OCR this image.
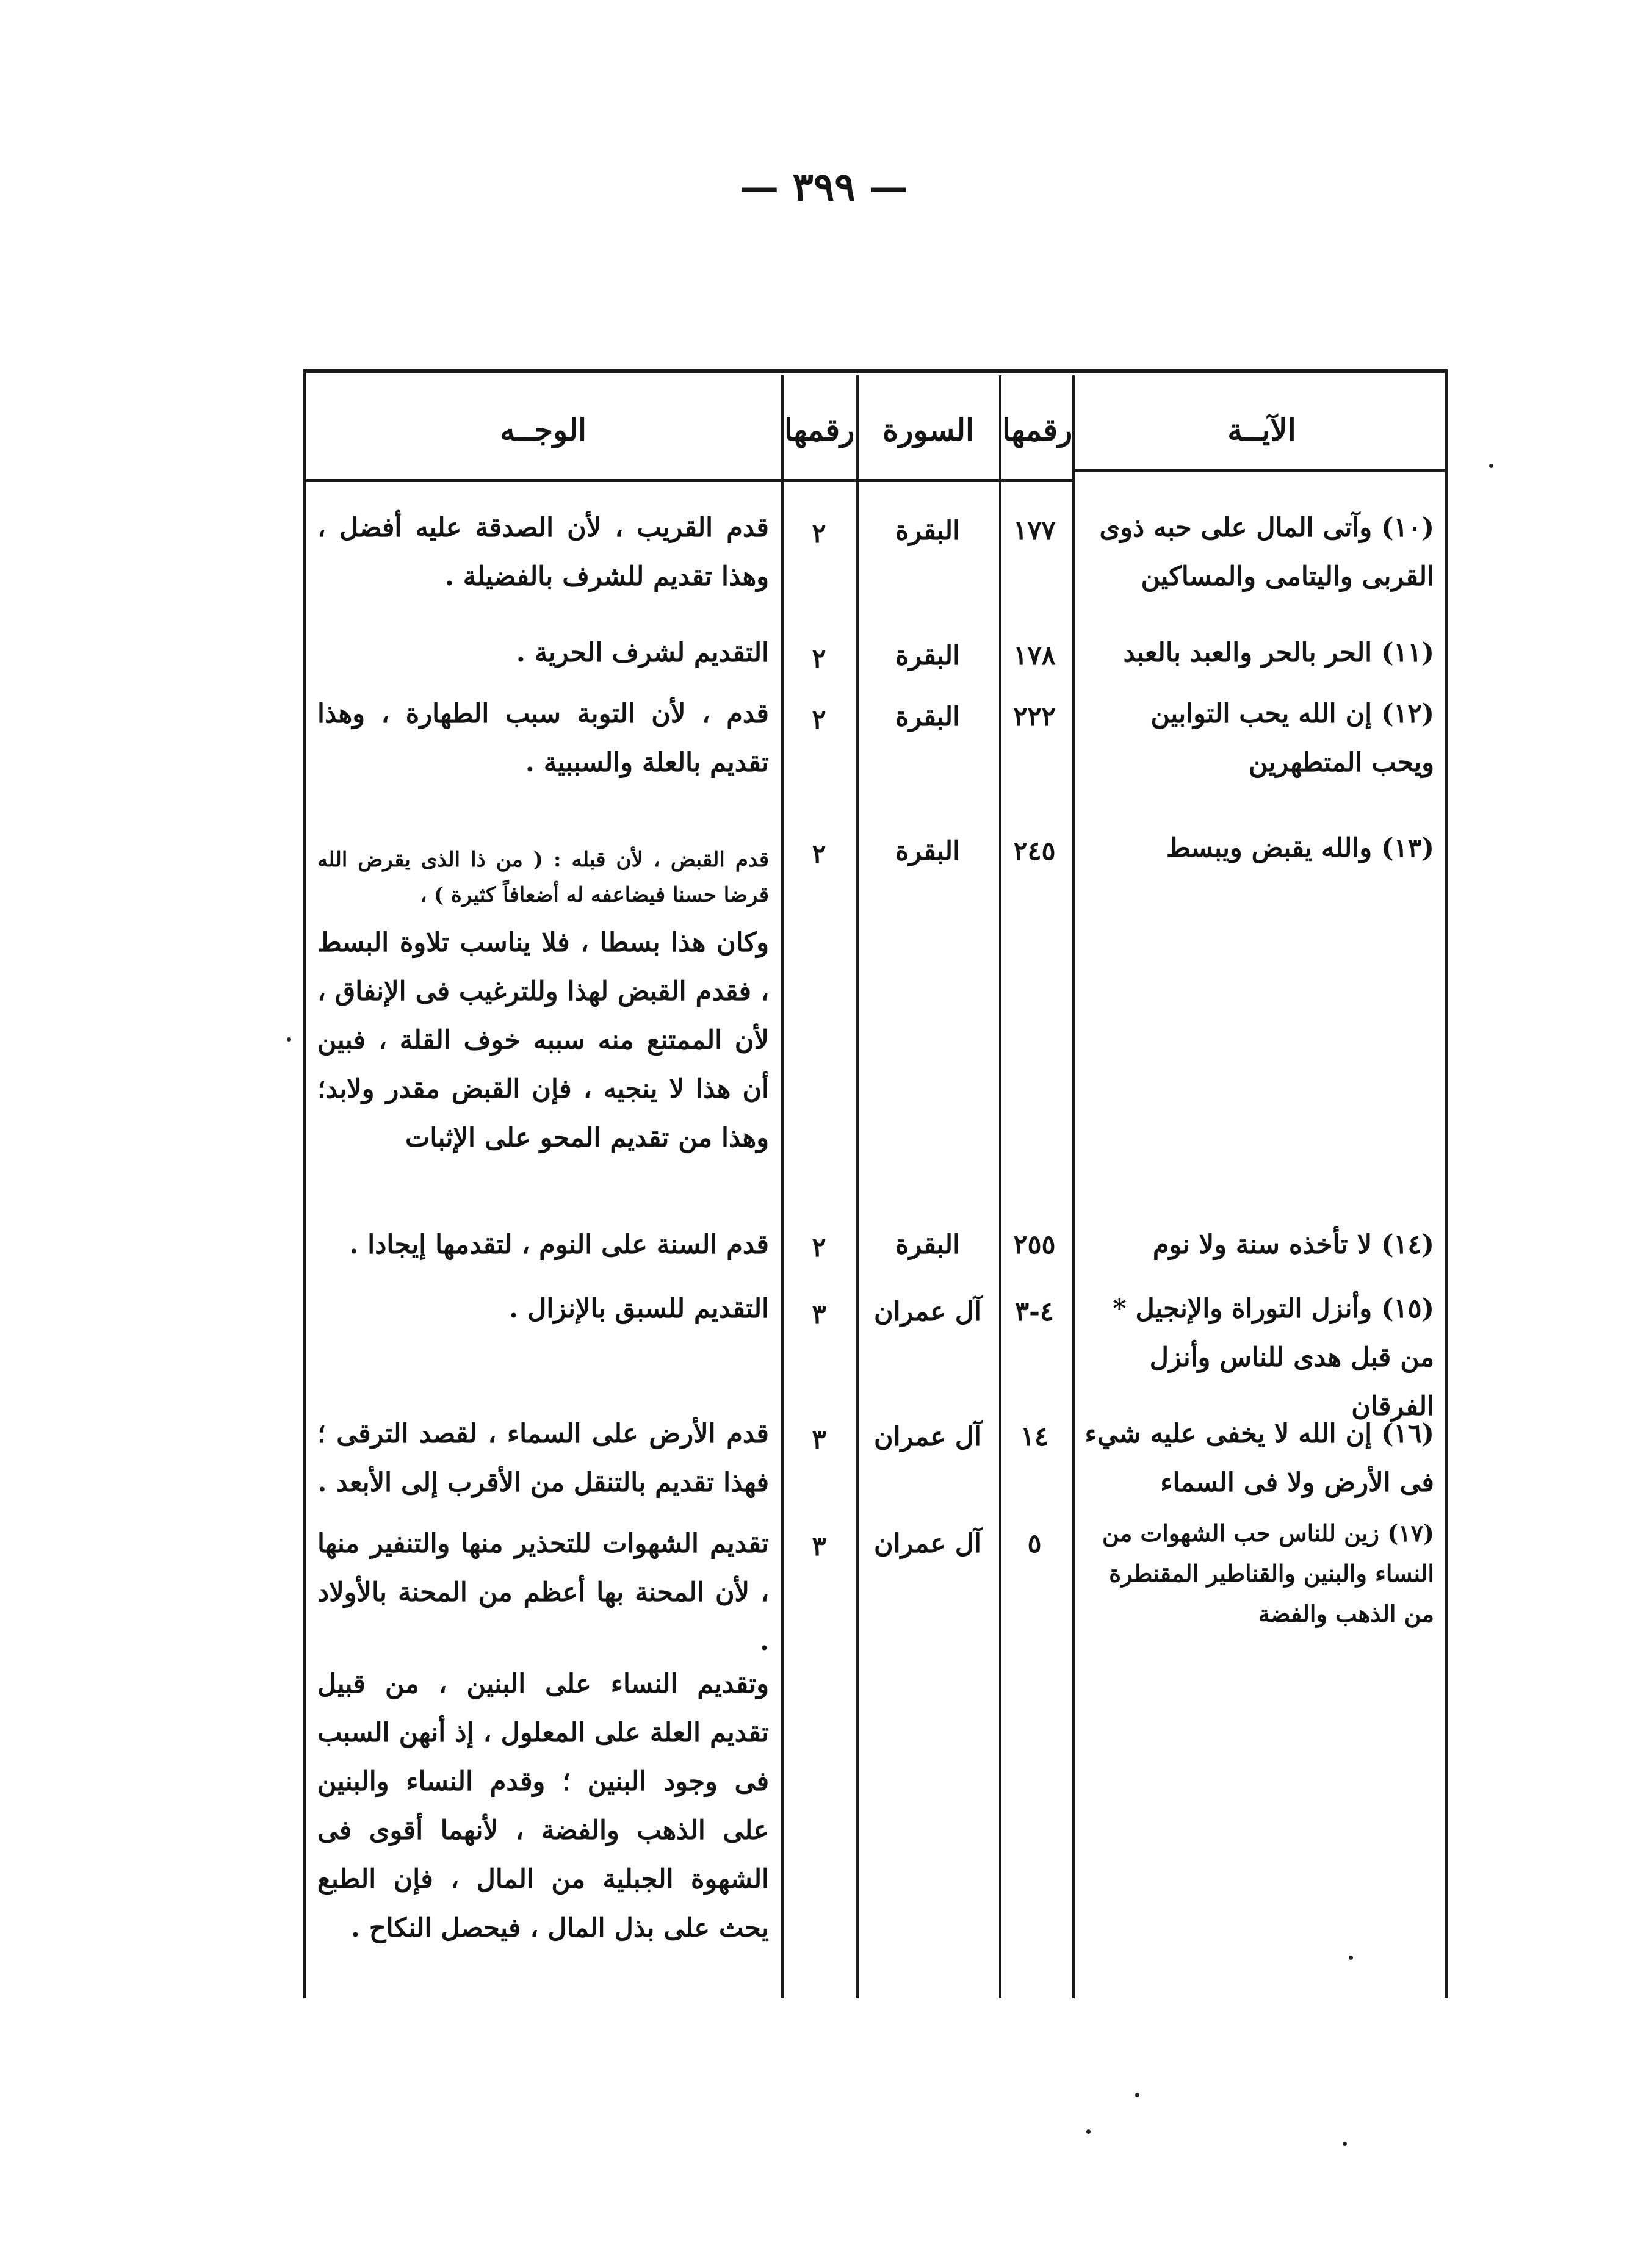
— ٣٩٩ —
الآيــة
رقمها
السورة
رقمها
الوجــه
(١٠) وآتى المال على حبه ذوى القربى واليتامى والمساكين
١٧٧
البقرة
٢
قدم القريب ، لأن الصدقة عليه أفضل ، وهذا تقديم للشرف بالفضيلة .
(١١) الحر بالحر والعبد بالعبد
١٧٨
البقرة
٢
التقديم لشرف الحرية .
(١٢) إن الله يحب التوابين ويحب المتطهرين
٢٢٢
البقرة
٢
قدم ، لأن التوبة سبب الطهارة ، وهذا تقديم بالعلة والسببية .
(١٣) والله يقبض ويبسط
٢٤٥
البقرة
٢
قدم القبض ، لأن قبله : ( من ذا الذى يقرض الله قرضا حسنا فيضاعفه له أضعافاً كثيرة ) ،
وكان هذا بسطا ، فلا يناسب تلاوة البسط ، فقدم القبض لهذا وللترغيب فى الإنفاق ، لأن الممتنع منه سببه خوف القلة ، فبين أن هذا لا ينجيه ، فإن القبض مقدر ولابد؛ وهذا من تقديم المحو على الإثبات
(١٤) لا تأخذه سنة ولا نوم
٢٥٥
البقرة
٢
قدم السنة على النوم ، لتقدمها إيجادا .
(١٥) وأنزل التوراة والإنجيل * من قبل هدى للناس وأنزل الفرقان
٤-٣
آل عمران
٣
التقديم للسبق بالإنزال .
(١٦) إن الله لا يخفى عليه شيء فى الأرض ولا فى السماء
١٤
آل عمران
٣
قدم الأرض على السماء ، لقصد الترقى ؛ فهذا تقديم بالتنقل من الأقرب إلى الأبعد .
(١٧) زين للناس حب الشهوات من النساء والبنين والقناطير المقنطرة من الذهب والفضة
٥
آل عمران
٣
تقديم الشهوات للتحذير منها والتنفير منها ، لأن المحنة بها أعظم من المحنة بالأولاد .
وتقديم النساء على البنين ، من قبيل تقديم العلة على المعلول ، إذ أنهن السبب فى وجود البنين ؛ وقدم النساء والبنين على الذهب والفضة ، لأنهما أقوى فى الشهوة الجبلية من المال ، فإن الطبع يحث على بذل المال ، فيحصل النكاح .
